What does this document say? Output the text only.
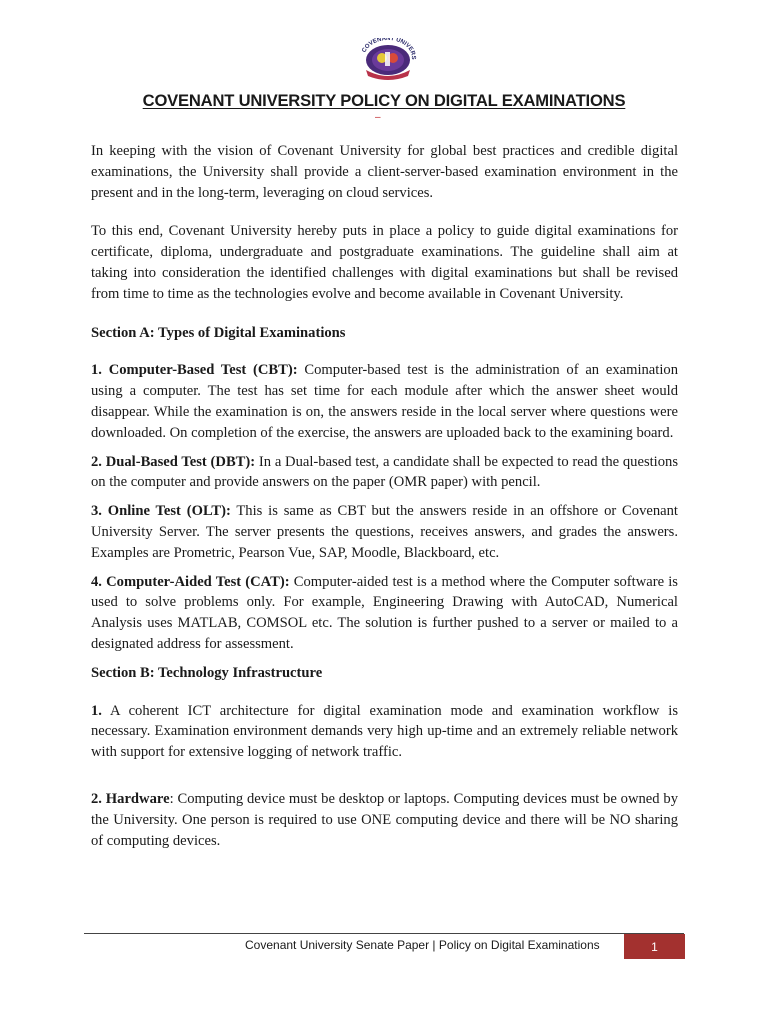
COVENANT UNIVERS
COVENANT UNIVERSITY POLICY ON DIGITAL EXAMINATIONS
–

In keeping with the vision of Covenant University for global best practices and credible digital examinations, the University shall provide a client-server-based examination environment in the present and in the long-term, leveraging on cloud services.

To this end, Covenant University hereby puts in place a policy to guide digital examinations for certificate, diploma, undergraduate and postgraduate examinations. The guideline shall aim at taking into consideration the identified challenges with digital examinations but shall be revised from time to time as the technologies evolve and become available in Covenant University.

Section A: Types of Digital Examinations

1. Computer-Based Test (CBT): Computer-based test is the administration of an examination using a computer. The test has set time for each module after which the answer sheet would disappear. While the examination is on, the answers reside in the local server where questions were downloaded. On completion of the exercise, the answers are uploaded back to the examining board.

2. Dual-Based Test (DBT): In a Dual-based test, a candidate shall be expected to read the questions on the computer and provide answers on the paper (OMR paper) with pencil.

3. Online Test (OLT): This is same as CBT but the answers reside in an offshore or Covenant University Server. The server presents the questions, receives answers, and grades the answers. Examples are Prometric, Pearson Vue, SAP, Moodle, Blackboard, etc.

4. Computer-Aided Test (CAT): Computer-aided test is a method where the Computer software is used to solve problems only. For example, Engineering Drawing with AutoCAD, Numerical Analysis uses MATLAB, COMSOL etc. The solution is further pushed to a server or mailed to a designated address for assessment.

Section B: Technology Infrastructure

1. A coherent ICT architecture for digital examination mode and examination workflow is necessary. Examination environment demands very high up-time and an extremely reliable network with support for extensive logging of network traffic.

2. Hardware: Computing device must be desktop or laptops. Computing devices must be owned by the University. One person is required to use ONE computing device and there will be NO sharing of computing devices.

Covenant University Senate Paper | Policy on Digital Examinations	1
